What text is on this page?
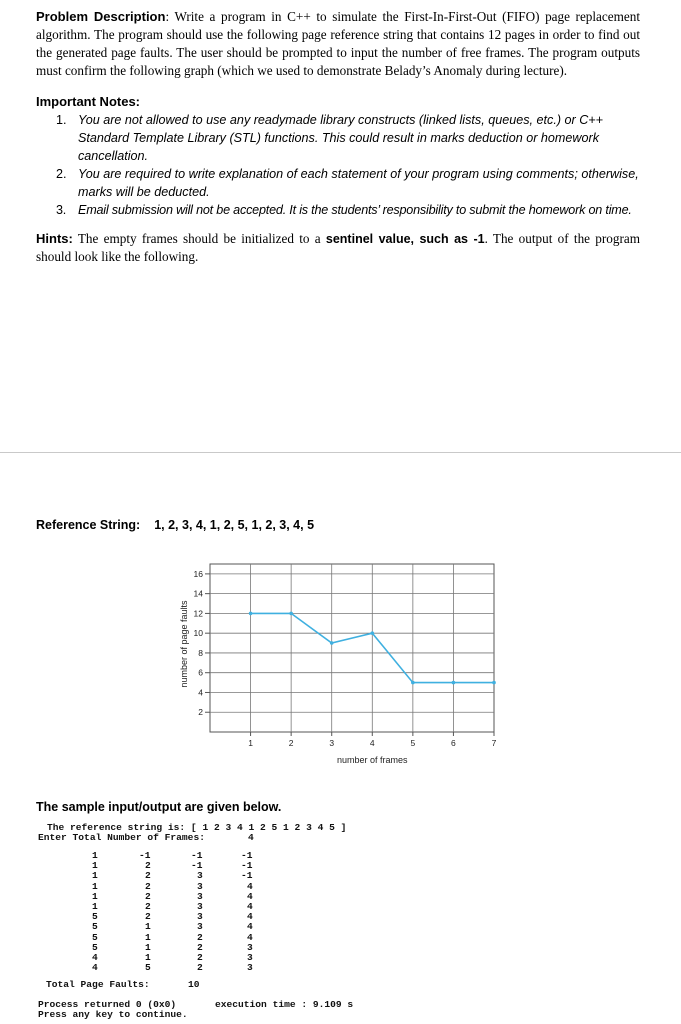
Problem Description: Write a program in C++ to simulate the First-In-First-Out (FIFO) page replacement algorithm. The program should use the following page reference string that contains 12 pages in order to find out the generated page faults. The user should be prompted to input the number of free frames. The program outputs must confirm the following graph (which we used to demonstrate Belady’s Anomaly during lecture).
Important Notes:
1. You are not allowed to use any readymade library constructs (linked lists, queues, etc.) or C++ Standard Template Library (STL) functions. This could result in marks deduction or homework cancellation.
2. You are required to write explanation of each statement of your program using comments; otherwise, marks will be deducted.
3. Email submission will not be accepted. It is the students’ responsibility to submit the homework on time.
Hints: The empty frames should be initialized to a sentinel value, such as -1. The output of the program should look like the following.
Reference String: 1, 2, 3, 4, 1, 2, 5, 1, 2, 3, 4, 5
2
4
6
8
10
12
14
16
1	2	3	4	5	6	7
number of frames
number of page faults
The sample input/output are given below.
The reference string is: [ 1 2 3 4 1 2 5 1 2 3 4 5 ]
Enter Total Number of Frames:	4
1	-1	-1	-1
1	2	-1	-1
1	2	3	-1
1	2	3	4
1	2	3	4
1	2	3	4
5	2	3	4
5	1	3	4
5	1	2	4
5	1	2	3
4	1	2	3
4	5	2	3
Total Page Faults:	10
Process returned 0 (0x0)	execution time : 9.109 s
Press any key to continue.
